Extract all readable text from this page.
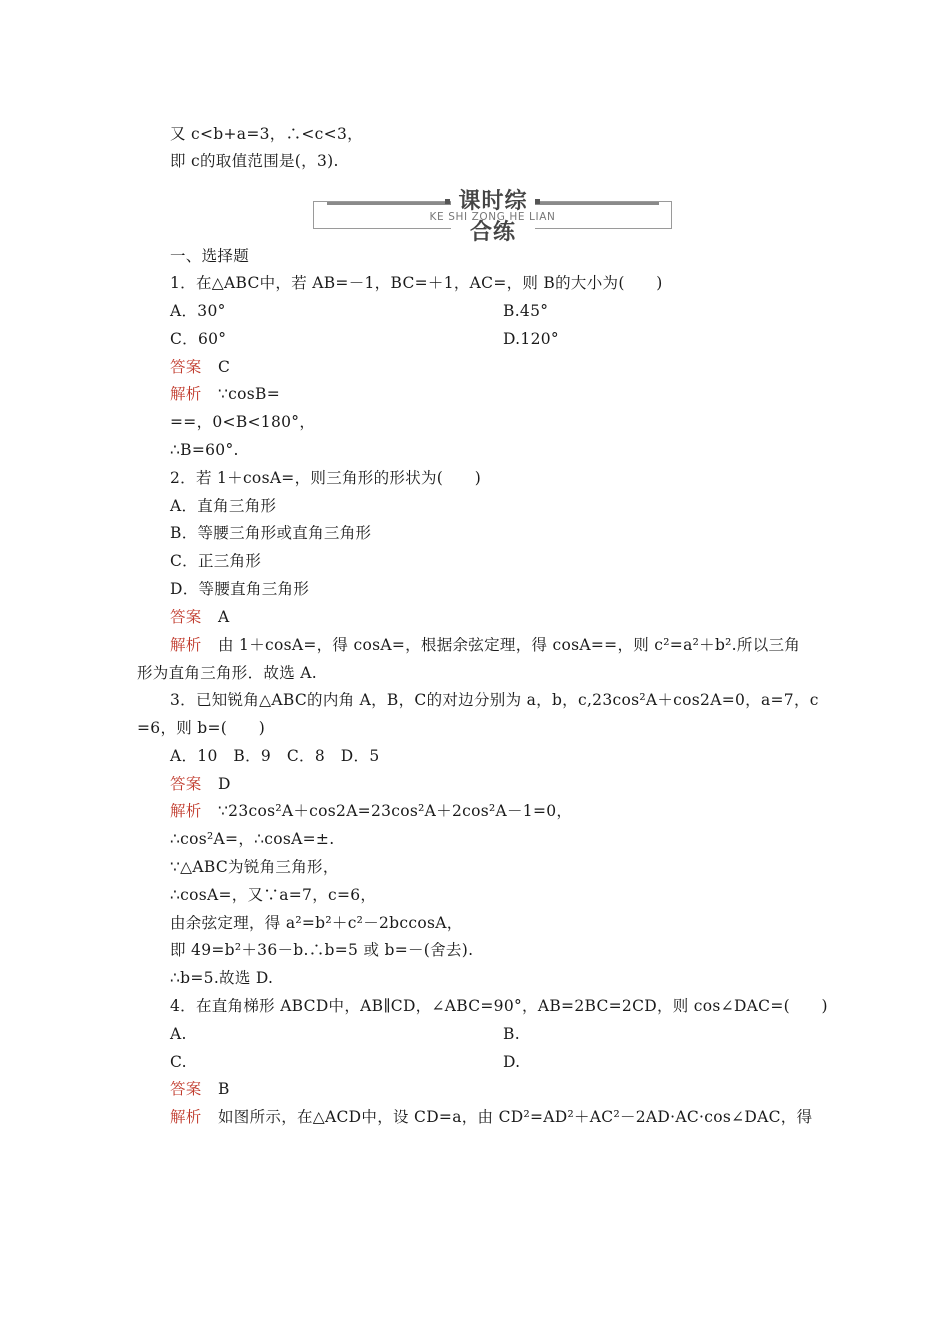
又 c<b+a=3，∴<c<3，
即 c的取值范围是(，3).
课时综合练
KE SHI ZONG HE LIAN
一、选择题
1．在△ABC中，若 AB=－1，BC=＋1，AC=，则 B的大小为(　　)
A．30°	B.45°
C．60°	D.120°
答案 C
解析 ∵cosB=
==，0<B<180°，
∴B=60°.
2．若 1＋cosA=，则三角形的形状为(　　)
A．直角三角形
B．等腰三角形或直角三角形
C．正三角形
D．等腰直角三角形
答案 A
解析 由 1＋cosA=，得 cosA=，根据余弦定理，得 cosA==，则 c²=a²＋b².所以三角
形为直角三角形．故选 A.
3．已知锐角△ABC的内角 A，B，C的对边分别为 a，b，c,23cos²A＋cos2A=0，a=7，c
=6，则 b=(　　)
A．10　B．9　C．8　D．5
答案 D
解析 ∵23cos²A＋cos2A=23cos²A＋2cos²A－1=0，
∴cos²A=，∴cosA=±.
∵△ABC为锐角三角形，
∴cosA=，又∵a=7，c=6，
由余弦定理，得 a²=b²＋c²－2bccosA，
即 49=b²＋36－b.∴b=5 或 b=－(舍去).
∴b=5.故选 D.
4．在直角梯形 ABCD中，AB∥CD，∠ABC=90°，AB=2BC=2CD，则 cos∠DAC=(　　)
A.	B.
C.	D.
答案 B
解析 如图所示，在△ACD中，设 CD=a，由 CD²=AD²＋AC²－2AD·AC·cos∠DAC，得
